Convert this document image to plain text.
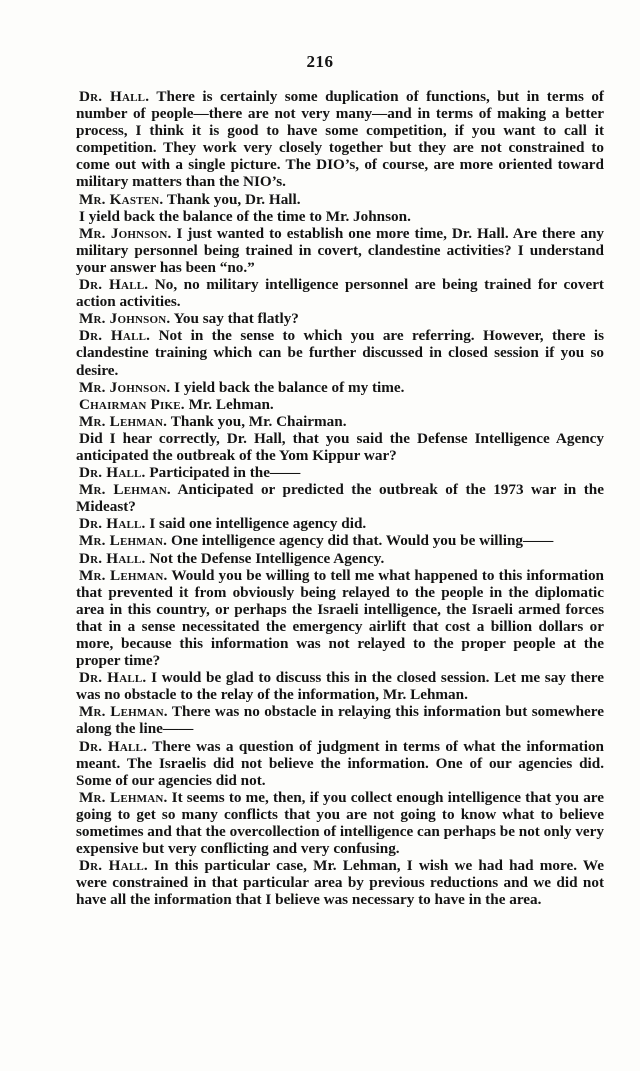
216

Dr. Hall. There is certainly some duplication of functions, but in terms of number of people—there are not very many—and in terms of making a better process, I think it is good to have some competition, if you want to call it competition. They work very closely together but they are not constrained to come out with a single picture. The DIO’s, of course, are more oriented toward military matters than the NIO’s.

Mr. Kasten. Thank you, Dr. Hall.

I yield back the balance of the time to Mr. Johnson.

Mr. Johnson. I just wanted to establish one more time, Dr. Hall. Are there any military personnel being trained in covert, clandestine activities? I understand your answer has been “no.”

Dr. Hall. No, no military intelligence personnel are being trained for covert action activities.

Mr. Johnson. You say that flatly?

Dr. Hall. Not in the sense to which you are referring. However, there is clandestine training which can be further discussed in closed session if you so desire.

Mr. Johnson. I yield back the balance of my time.

Chairman Pike. Mr. Lehman.

Mr. Lehman. Thank you, Mr. Chairman.

Did I hear correctly, Dr. Hall, that you said the Defense Intelligence Agency anticipated the outbreak of the Yom Kippur war?

Dr. Hall. Participated in the——

Mr. Lehman. Anticipated or predicted the outbreak of the 1973 war in the Mideast?

Dr. Hall. I said one intelligence agency did.

Mr. Lehman. One intelligence agency did that. Would you be willing——

Dr. Hall. Not the Defense Intelligence Agency.

Mr. Lehman. Would you be willing to tell me what happened to this information that prevented it from obviously being relayed to the people in the diplomatic area in this country, or perhaps the Israeli intelligence, the Israeli armed forces that in a sense necessitated the emergency airlift that cost a billion dollars or more, because this information was not relayed to the proper people at the proper time?

Dr. Hall. I would be glad to discuss this in the closed session. Let me say there was no obstacle to the relay of the information, Mr. Lehman.

Mr. Lehman. There was no obstacle in relaying this information but somewhere along the line——

Dr. Hall. There was a question of judgment in terms of what the information meant. The Israelis did not believe the information. One of our agencies did. Some of our agencies did not.

Mr. Lehman. It seems to me, then, if you collect enough intelligence that you are going to get so many conflicts that you are not going to know what to believe sometimes and that the overcollection of intelligence can perhaps be not only very expensive but very conflicting and very confusing.

Dr. Hall. In this particular case, Mr. Lehman, I wish we had had more. We were constrained in that particular area by previous reductions and we did not have all the information that I believe was necessary to have in the area.
